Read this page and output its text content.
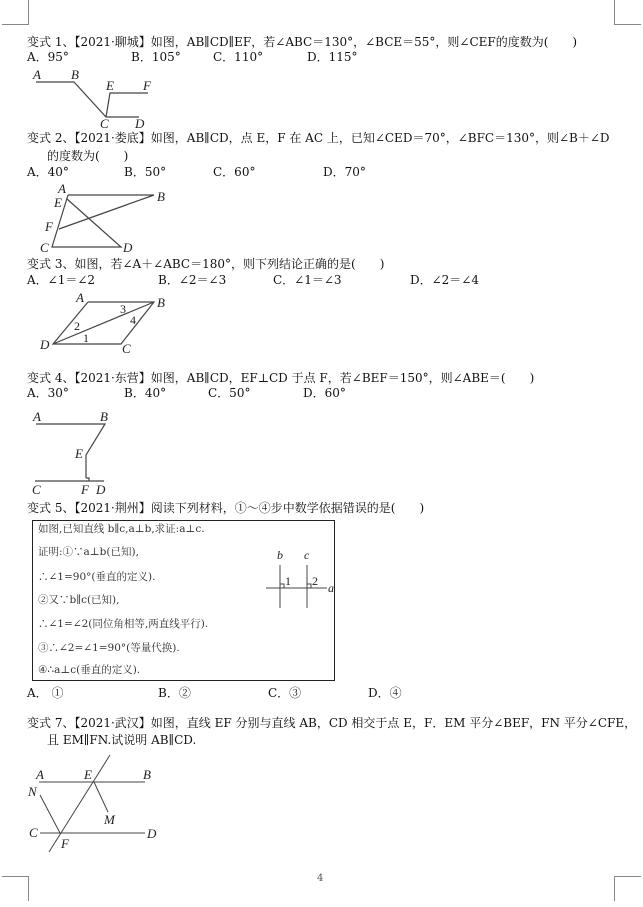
变式 1、【2021·聊城】如图，AB∥CD∥EF，若∠ABC＝130°，∠BCE＝55°，则∠CEF的度数为(　　)
A．95°	B．105°	C．110°	D．115°
变式 2、【2021·娄底】如图，AB∥CD，点 E，F 在 AC 上，已知∠CED＝70°，∠BFC＝130°，则∠B＋∠D
的度数为(　　)
A．40°	B．50°	C．60°	D．70°
变式 3、如图，若∠A＋∠ABC＝180°，则下列结论正确的是(　　)
A．∠1＝∠2	B．∠2＝∠3	C．∠1＝∠3	D．∠2＝∠4
变式 4、【2021·东营】如图，AB∥CD，EF⊥CD 于点 F，若∠BEF＝150°，则∠ABE＝(　　)
A．30°	B．40°	C．50°	D．60°
变式 5、【2021·荆州】阅读下列材料，①～④步中数学依据错误的是(　　)
如图,已知直线 b∥c,a⊥b,求证:a⊥c.
证明:①∵a⊥b(已知),
∴∠1=90°(垂直的定义).
②又∵b∥c(已知),
∴∠1=∠2(同位角相等,两直线平行).
③∴∠2=∠1=90°(等量代换).
④∴a⊥c(垂直的定义).
A． ①	B．②	C．③	D．④
变式 7、【2021·武汉】如图，直线 EF 分别与直线 AB，CD 相交于点 E，F．EM 平分∠BEF，FN 平分∠CFE，
且 EM∥FN.试说明 AB∥CD.
4
A B
E F
C D
A
E	B
F
C	D
A	B
D	C
1
2
3
4
A	B
E
C	F D
b c
1 2 a
A	E	B
N
M
C
F
D
